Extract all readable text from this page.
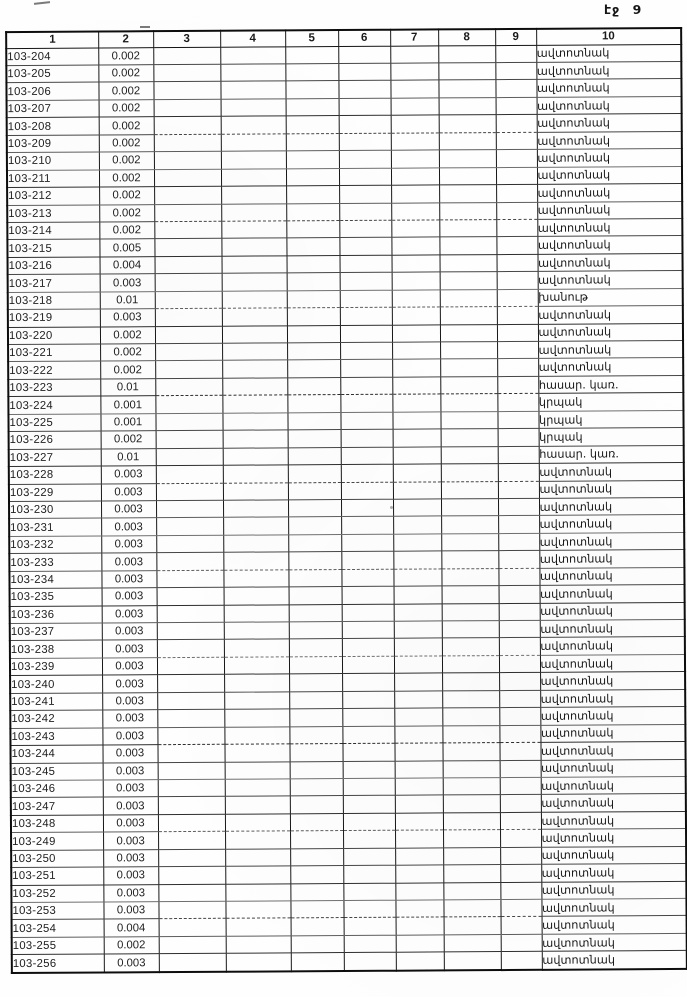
էջ 9
1	2	3	4	5	6	7	8	9	10
103-204	0.002								ավտոտնակ
103-205	0.002								ավտոտնակ
103-206	0.002								ավտոտնակ
103-207	0.002								ավտոտնակ
103-208	0.002								ավտոտնակ
103-209	0.002								ավտոտնակ
103-210	0.002								ավտոտնակ
103-211	0.002								ավտոտնակ
103-212	0.002								ավտոտնակ
103-213	0.002								ավտոտնակ
103-214	0.002								ավտոտնակ
103-215	0.005								ավտոտնակ
103-216	0.004								ավտոտնակ
103-217	0.003								ավտոտնակ
103-218	0.01								խանութ
103-219	0.003								ավտոտնակ
103-220	0.002								ավտոտնակ
103-221	0.002								ավտոտնակ
103-222	0.002								ավտոտնակ
103-223	0.01								հասար. կառ.
103-224	0.001								կրպակ
103-225	0.001								կրպակ
103-226	0.002								կրպակ
103-227	0.01								հասար. կառ.
103-228	0.003								ավտոտնակ
103-229	0.003								ավտոտնակ
103-230	0.003								ավտոտնակ
103-231	0.003								ավտոտնակ
103-232	0.003								ավտոտնակ
103-233	0.003								ավտոտնակ
103-234	0.003								ավտոտնակ
103-235	0.003								ավտոտնակ
103-236	0.003								ավտոտնակ
103-237	0.003								ավտոտնակ
103-238	0.003								ավտոտնակ
103-239	0.003								ավտոտնակ
103-240	0.003								ավտոտնակ
103-241	0.003								ավտոտնակ
103-242	0.003								ավտոտնակ
103-243	0.003								ավտոտնակ
103-244	0.003								ավտոտնակ
103-245	0.003								ավտոտնակ
103-246	0.003								ավտոտնակ
103-247	0.003								ավտոտնակ
103-248	0.003								ավտոտնակ
103-249	0.003								ավտոտնակ
103-250	0.003								ավտոտնակ
103-251	0.003								ավտոտնակ
103-252	0.003								ավտոտնակ
103-253	0.003								ավտոտնակ
103-254	0.004								ավտոտնակ
103-255	0.002								ավտոտնակ
103-256	0.003								ավտոտնակ
